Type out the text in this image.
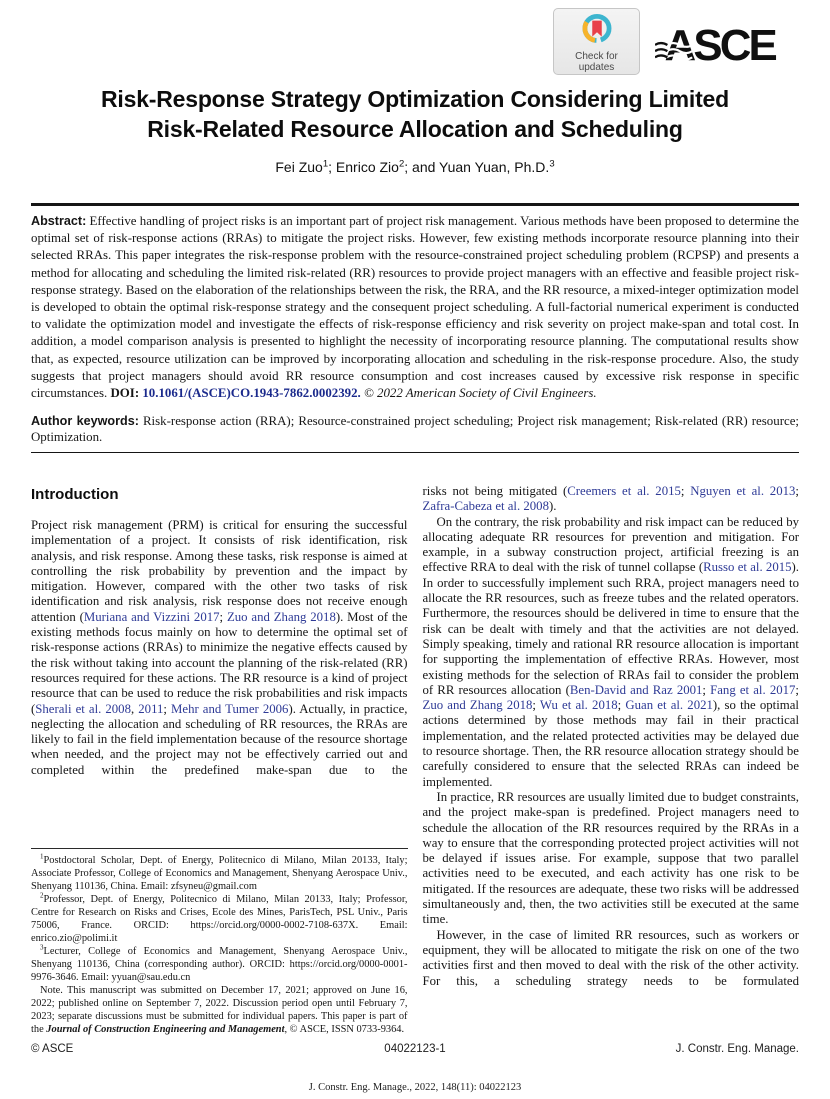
Check for
updates ASCE
Risk-Response Strategy Optimization Considering Limited
Risk-Related Resource Allocation and Scheduling
Fei Zuo$^1$; Enrico Zio$^2$; and Yuan Yuan, Ph.D.$^3$

Abstract: Effective handling of project risks is an important part of project risk management. Various methods have been proposed to determine the optimal set of risk-response actions (RRAs) to mitigate the project risks. However, few existing methods incorporate resource planning into their selected RRAs. This paper integrates the risk-response problem with the resource-constrained project scheduling problem (RCPSP) and presents a method for allocating and scheduling the limited risk-related (RR) resources to provide project managers with an effective and feasible project risk-response strategy. Based on the elaboration of the relationships between the risk, the RRA, and the RR resource, a mixed-integer optimization model is developed to obtain the optimal risk-response strategy and the consequent project scheduling. A full-factorial numerical experiment is conducted to validate the optimization model and investigate the effects of risk-response efficiency and risk severity on project make-span and total cost. In addition, a model comparison analysis is presented to highlight the necessity of incorporating resource planning. The computational results show that, as expected, resource utilization can be improved by incorporating allocation and scheduling in the risk-response procedure. Also, the study suggests that project managers should avoid RR resource consumption and cost increases caused by excessive risk response in specific circumstances. DOI: 10.1061/(ASCE)CO.1943-7862.0002392. © 2022 American Society of Civil Engineers.

Author keywords: Risk-response action (RRA); Resource-constrained project scheduling; Project risk management; Risk-related (RR) resource; Optimization.

Introduction

Project risk management (PRM) is critical for ensuring the successful implementation of a project. It consists of risk identification, risk analysis, and risk response. Among these tasks, risk response is aimed at controlling the risk probability by prevention and the impact by mitigation. However, compared with the other two tasks of risk identification and risk analysis, risk response does not receive enough attention (Muriana and Vizzini 2017; Zuo and Zhang 2018). Most of the existing methods focus mainly on how to determine the optimal set of risk-response actions (RRAs) to minimize the negative effects caused by the risk without taking into account the planning of the risk-related (RR) resources required for these actions. The RR resource is a kind of project resource that can be used to reduce the risk probabilities and risk impacts (Sherali et al. 2008, 2011; Mehr and Tumer 2006). Actually, in practice, neglecting the allocation and scheduling of RR resources, the RRAs are likely to fail in the field implementation because of the resource shortage when needed, and the project may not be effectively carried out and completed within the predefined make-span due to the

$^1$Postdoctoral Scholar, Dept. of Energy, Politecnico di Milano, Milan 20133, Italy; Associate Professor, College of Economics and Management, Shenyang Aerospace Univ., Shenyang 110136, China. Email: zfsyneu@gmail.com

$^2$Professor, Dept. of Energy, Politecnico di Milano, Milan 20133, Italy; Professor, Centre for Research on Risks and Crises, Ecole des Mines, ParisTech, PSL Univ., Paris 75006, France. ORCID: https://orcid.org/0000-0002-7108-637X. Email: enrico.zio@polimi.it

$^3$Lecturer, College of Economics and Management, Shenyang Aerospace Univ., Shenyang 110136, China (corresponding author). ORCID: https://orcid.org/0000-0001-9976-3646. Email: yyuan@sau.edu.cn

Note. This manuscript was submitted on December 17, 2021; approved on June 16, 2022; published online on September 7, 2022. Discussion period open until February 7, 2023; separate discussions must be submitted for individual papers. This paper is part of the Journal of Construction Engineering and Management, © ASCE, ISSN 0733-9364.

risks not being mitigated (Creemers et al. 2015; Nguyen et al. 2013; Zafra-Cabeza et al. 2008).

On the contrary, the risk probability and risk impact can be reduced by allocating adequate RR resources for prevention and mitigation. For example, in a subway construction project, artificial freezing is an effective RRA to deal with the risk of tunnel collapse (Russo et al. 2015). In order to successfully implement such RRA, project managers need to allocate the RR resources, such as freeze tubes and the related operators. Furthermore, the resources should be delivered in time to ensure that the risk can be dealt with timely and that the activities are not delayed. Simply speaking, timely and rational RR resource allocation is important for supporting the implementation of effective RRAs. However, most existing methods for the selection of RRAs fail to consider the problem of RR resources allocation (Ben-David and Raz 2001; Fang et al. 2017; Zuo and Zhang 2018; Wu et al. 2018; Guan et al. 2021), so the optimal actions determined by those methods may fail in their practical implementation, and the related protected activities may be delayed due to resource shortage. Then, the RR resource allocation strategy should be carefully considered to ensure that the selected RRAs can indeed be implemented.

In practice, RR resources are usually limited due to budget constraints, and the project make-span is predefined. Project managers need to schedule the allocation of the RR resources required by the RRAs in a way to ensure that the corresponding protected project activities will not be delayed if issues arise. For example, suppose that two parallel activities need to be executed, and each activity has one risk to be mitigated. If the resources are adequate, these two risks will be addressed simultaneously and, then, the two activities still be executed at the same time.

However, in the case of limited RR resources, such as workers or equipment, they will be allocated to mitigate the risk on one of the two activities first and then moved to deal with the risk of the other activity. For this, a scheduling strategy needs to be formulated

© ASCE	04022123-1	J. Constr. Eng. Manage.
J. Constr. Eng. Manage., 2022, 148(11): 04022123
